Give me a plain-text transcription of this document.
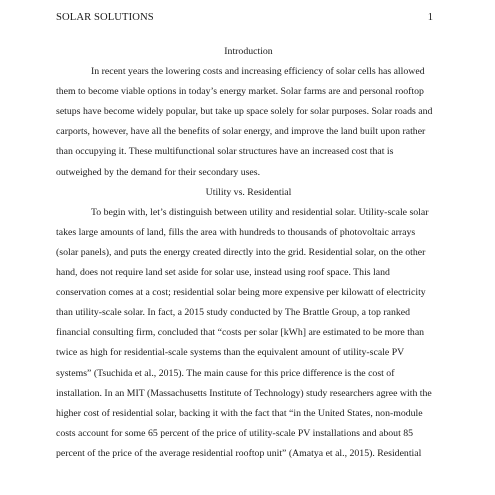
SOLAR SOLUTIONS	1
Introduction
In recent years the lowering costs and increasing efficiency of solar cells has allowed
them to become viable options in today’s energy market. Solar farms are and personal rooftop
setups have become widely popular, but take up space solely for solar purposes. Solar roads and
carports, however, have all the benefits of solar energy, and improve the land built upon rather
than occupying it. These multifunctional solar structures have an increased cost that is
outweighed by the demand for their secondary uses.
Utility vs. Residential
To begin with, let’s distinguish between utility and residential solar. Utility-scale solar
takes large amounts of land, fills the area with hundreds to thousands of photovoltaic arrays
(solar panels), and puts the energy created directly into the grid. Residential solar, on the other
hand, does not require land set aside for solar use, instead using roof space. This land
conservation comes at a cost; residential solar being more expensive per kilowatt of electricity
than utility-scale solar. In fact, a 2015 study conducted by The Brattle Group, a top ranked
financial consulting firm, concluded that “costs per solar [kWh] are estimated to be more than
twice as high for residential-scale systems than the equivalent amount of utility-scale PV
systems” (Tsuchida et al., 2015). The main cause for this price difference is the cost of
installation. In an MIT (Massachusetts Institute of Technology) study researchers agree with the
higher cost of residential solar, backing it with the fact that “in the United States, non-module
costs account for some 65 percent of the price of utility-scale PV installations and about 85
percent of the price of the average residential rooftop unit” (Amatya et al., 2015). Residential
